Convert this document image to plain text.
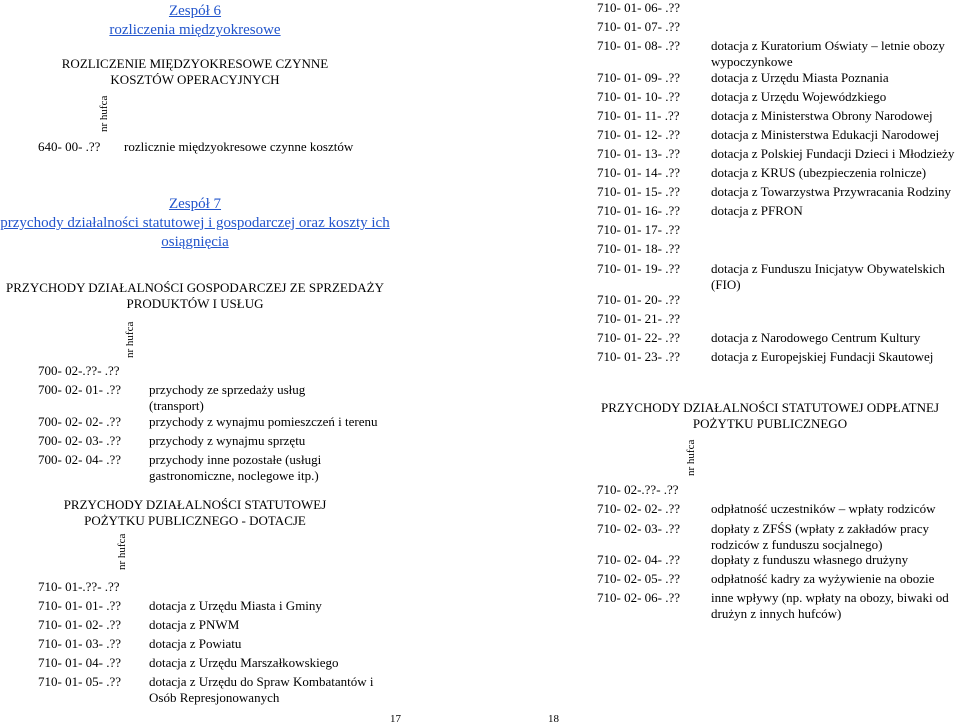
Zespół 6
rozliczenia międzyokresowe
ROZLICZENIE MIĘDZYOKRESOWE CZYNNE KOSZTÓW OPERACYJNYCH
nr hufca
640- 00- .?? rozlicznie międzyokresowe czynne kosztów
Zespół 7
przychody działalności statutowej i gospodarczej oraz koszty ich osiągnięcia
PRZYCHODY DZIAŁALNOŚCI GOSPODARCZEJ ZE SPRZEDAŻY PRODUKTÓW I USŁUG
nr hufca
700- 02-.??- .??
700- 02- 01- .?? przychody ze sprzedaży usług (transport)
700- 02- 02- .?? przychody z wynajmu pomieszczeń i terenu
700- 02- 03- .?? przychody z wynajmu sprzętu
700- 02- 04- .?? przychody inne pozostałe (usługi gastronomiczne, noclegowe itp.)
PRZYCHODY DZIAŁALNOŚCI STATUTOWEJ POŻYTKU PUBLICZNEGO - DOTACJE
nr hufca
710- 01-.??- .??
710- 01- 01- .?? dotacja z Urzędu Miasta i Gminy
710- 01- 02- .?? dotacja z PNWM
710- 01- 03- .?? dotacja z Powiatu
710- 01- 04- .?? dotacja z Urzędu Marszałkowskiego
710- 01- 05- .?? dotacja z Urzędu do Spraw Kombatantów i Osób Represjonowanych
17
710- 01- 06- .??
710- 01- 07- .??
710- 01- 08- .?? dotacja z Kuratorium Oświaty – letnie obozy wypoczynkowe
710- 01- 09- .?? dotacja z Urzędu Miasta Poznania
710- 01- 10- .?? dotacja z Urzędu Wojewódzkiego
710- 01- 11- .?? dotacja z Ministerstwa Obrony Narodowej
710- 01- 12- .?? dotacja z Ministerstwa Edukacji Narodowej
710- 01- 13- .?? dotacja z Polskiej Fundacji Dzieci i Młodzieży
710- 01- 14- .?? dotacja z KRUS (ubezpieczenia rolnicze)
710- 01- 15- .?? dotacja z Towarzystwa Przywracania Rodziny
710- 01- 16- .?? dotacja z PFRON
710- 01- 17- .??
710- 01- 18- .??
710- 01- 19- .?? dotacja z Funduszu Inicjatyw Obywatelskich (FIO)
710- 01- 20- .??
710- 01- 21- .??
710- 01- 22- .?? dotacja z Narodowego Centrum Kultury
710- 01- 23- .?? dotacja z Europejskiej Fundacji Skautowej
PRZYCHODY DZIAŁALNOŚCI STATUTOWEJ ODPŁATNEJ POŻYTKU PUBLICZNEGO
nr hufca
710- 02-.??- .??
710- 02- 02- .?? odpłatność uczestników – wpłaty rodziców
710- 02- 03- .?? dopłaty z ZFŚS (wpłaty z zakładów pracy rodziców z funduszu socjalnego)
710- 02- 04- .?? dopłaty z funduszu własnego drużyny
710- 02- 05- .?? odpłatność kadry za wyżywienie na obozie
710- 02- 06- .?? inne wpływy (np. wpłaty na obozy, biwaki od drużyn z innych hufców)
18
